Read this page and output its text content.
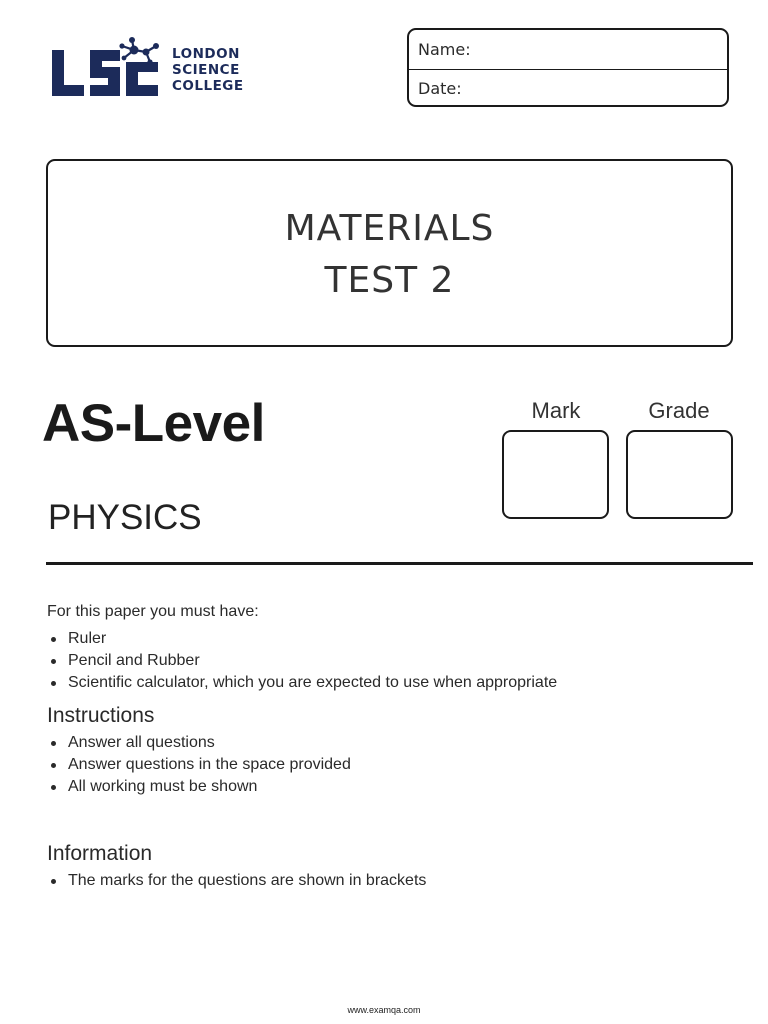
LONDON
SCIENCE
COLLEGE
Name:
Date:
MATERIALS
TEST 2
AS-Level
PHYSICS
Mark	Grade
For this paper you must have:
Ruler
Pencil and Rubber
Scientific calculator, which you are expected to use when appropriate
Instructions
Answer all questions
Answer questions in the space provided
All working must be shown
Information
The marks for the questions are shown in brackets
www.examqa.com
